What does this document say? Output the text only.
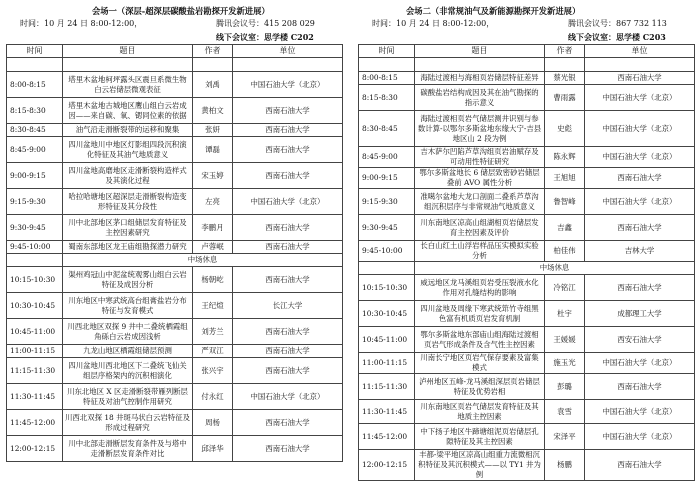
会场一（深层-超深层碳酸盐岩勘探开发新进展）
时间：10 月 24 日 8:00-12:00，	腾讯会议号：415 208 029
线下会议室：思学楼 C202
时间	题目	作者	单位

8:00-8:15	塔里木盆地柯坪露头区震旦系微生物白云岩储层微观表征	刘禹	中国石油大学（北京）
8:15-8:30	塔里木盆地古城地区鹰山组白云岩成因——来自碳、氧、锶同位素的依据	黄柏文	西南石油大学
8:30-8:45	油气沿走滑断裂带的运移和聚集	张妍	西南石油大学
8:45-9:00	四川盆地川中地区灯影组四段沉积演化特征及其油气地质意义	谭磊	西南石油大学
9:00-9:15	四川盆地高磨地区走滑断裂构造样式及其演化过程	宋玉婷	西南石油大学
9:15-9:30	哈拉哈塘地区超深层走滑断裂构造变形特征及其分段性	左亮	中国石油大学（北京）
9:30-9:45	川中北部地区茅口组储层发育特征及主控因素研究	李鹏月	西南石油大学
9:45-10:00	蜀南东部地区龙王庙组勘探潜力研究	卢蓉岷	西南石油大学
	中场休息		
10:15-10:30	渠州鸡冠山中泥盆统观雾山组白云岩特征及成因分析	杨朝屹	西南石油大学
10:30-10:45	川东地区中寒武统高台组膏盐岩分布特征与发育模式	王纪煊	长江大学
10:45-11:00	川西北地区双探 9 井中二叠统栖霞组角砾白云岩成因浅析	刘芳兰	西南石油大学
11:00-11:15	九龙山地区栖霞组储层预测	严双江	西南石油大学
11:15-11:30	四川盆地川西北地区下二叠统飞仙关组层序格架内的沉积相演化	张兴宇	西南石油大学
11:30-11:45	川东北地区 X 区走滑断裂带雁列断层特征及对油气控制作用研究	付永红	中国石油大学（北京）
11:45-12:00	川西北双探 18 井斑马状白云岩特征及形成过程研究	周杨	西南石油大学
12:00-12:15	川中北部走滑断层发育条件及与塔中走滑断层发育条件对比	邱泽华	西南石油大学
会场二（非常规油气及新能源勘探开发新进展）
时间：10 月 24 日 8:00-12:00，	腾讯会议号：867 732 113
线下会议室：思学楼 C203
时间	题目	作者	单位

8:00-8:15	海陆过渡相与海相页岩储层特征差异	蔡光银	西南石油大学
8:15-8:30	碳酸盐岩结构成因及其在油气勘探的指示意义	曹雨露	中国石油大学（北京）
8:30-8:45	海陆过渡相页岩气储层测井识别与参数计算-以鄂尔多斯盆地东缘大宁-吉县地区山 2 段为例	史彪	中国石油大学（北京）
8:45-9:00	吉木萨尔凹陷芦草沟组页岩油赋存及可动用性特征研究	陈永辉	中国石油大学（北京）
9:00-9:15	鄂尔多斯盆地长 6 储层致密砂岩储层叠前 AVO 属性分析	王旭旭	西南石油大学
9:15-9:30	准噶尔盆地大龙口剖面二叠系芦草沟组沉积层序与非常规油气地质意义	鲁智峰	中国石油大学（北京）
9:30-9:45	川东南地区凉高山组湖相页岩储层发育主控因素及评价	吉鑫	西南石油大学
9:45-10:00	长白山红土山浮岩样品压实模拟实验分析	柏佳伟	吉林大学
	中场休息		
10:15-10:30	威远地区龙马溪组页岩受压裂液水化作用对孔缝结构的影响	冷铭江	西南石油大学
10:30-10:45	四川盆地及周缘下寒武统筇竹寺组黑色富有机质页岩发育机制	杜宇	成都理工大学
10:45-11:00	鄂尔多斯盆地东部庙山组海陆过渡相页岩气形成条件及含气性主控因素	王媛媛	西安石油大学
11:00-11:15	川南长宁地区页岩气保存要素及富集模式	施玉光	中国石油大学（北京）
11:15-11:30	泸州地区五峰-龙马溪组深层页岩储层特征及优势岩相	彭璐	西南石油大学
11:30-11:45	川东南地区页岩气储层发育特征及其地质主控因素	袁雪	中国石油大学（北京）
11:45-12:00	中下扬子地区牛蹄塘组泥页岩储层孔隙特征及其主控因素	宋泽平	中国石油大学（北京）
12:00-12:15	丰都-梁平地区凉高山组重力流微相沉积特征及其沉积模式——以 TY1 井为例	杨鹏	西南石油大学
